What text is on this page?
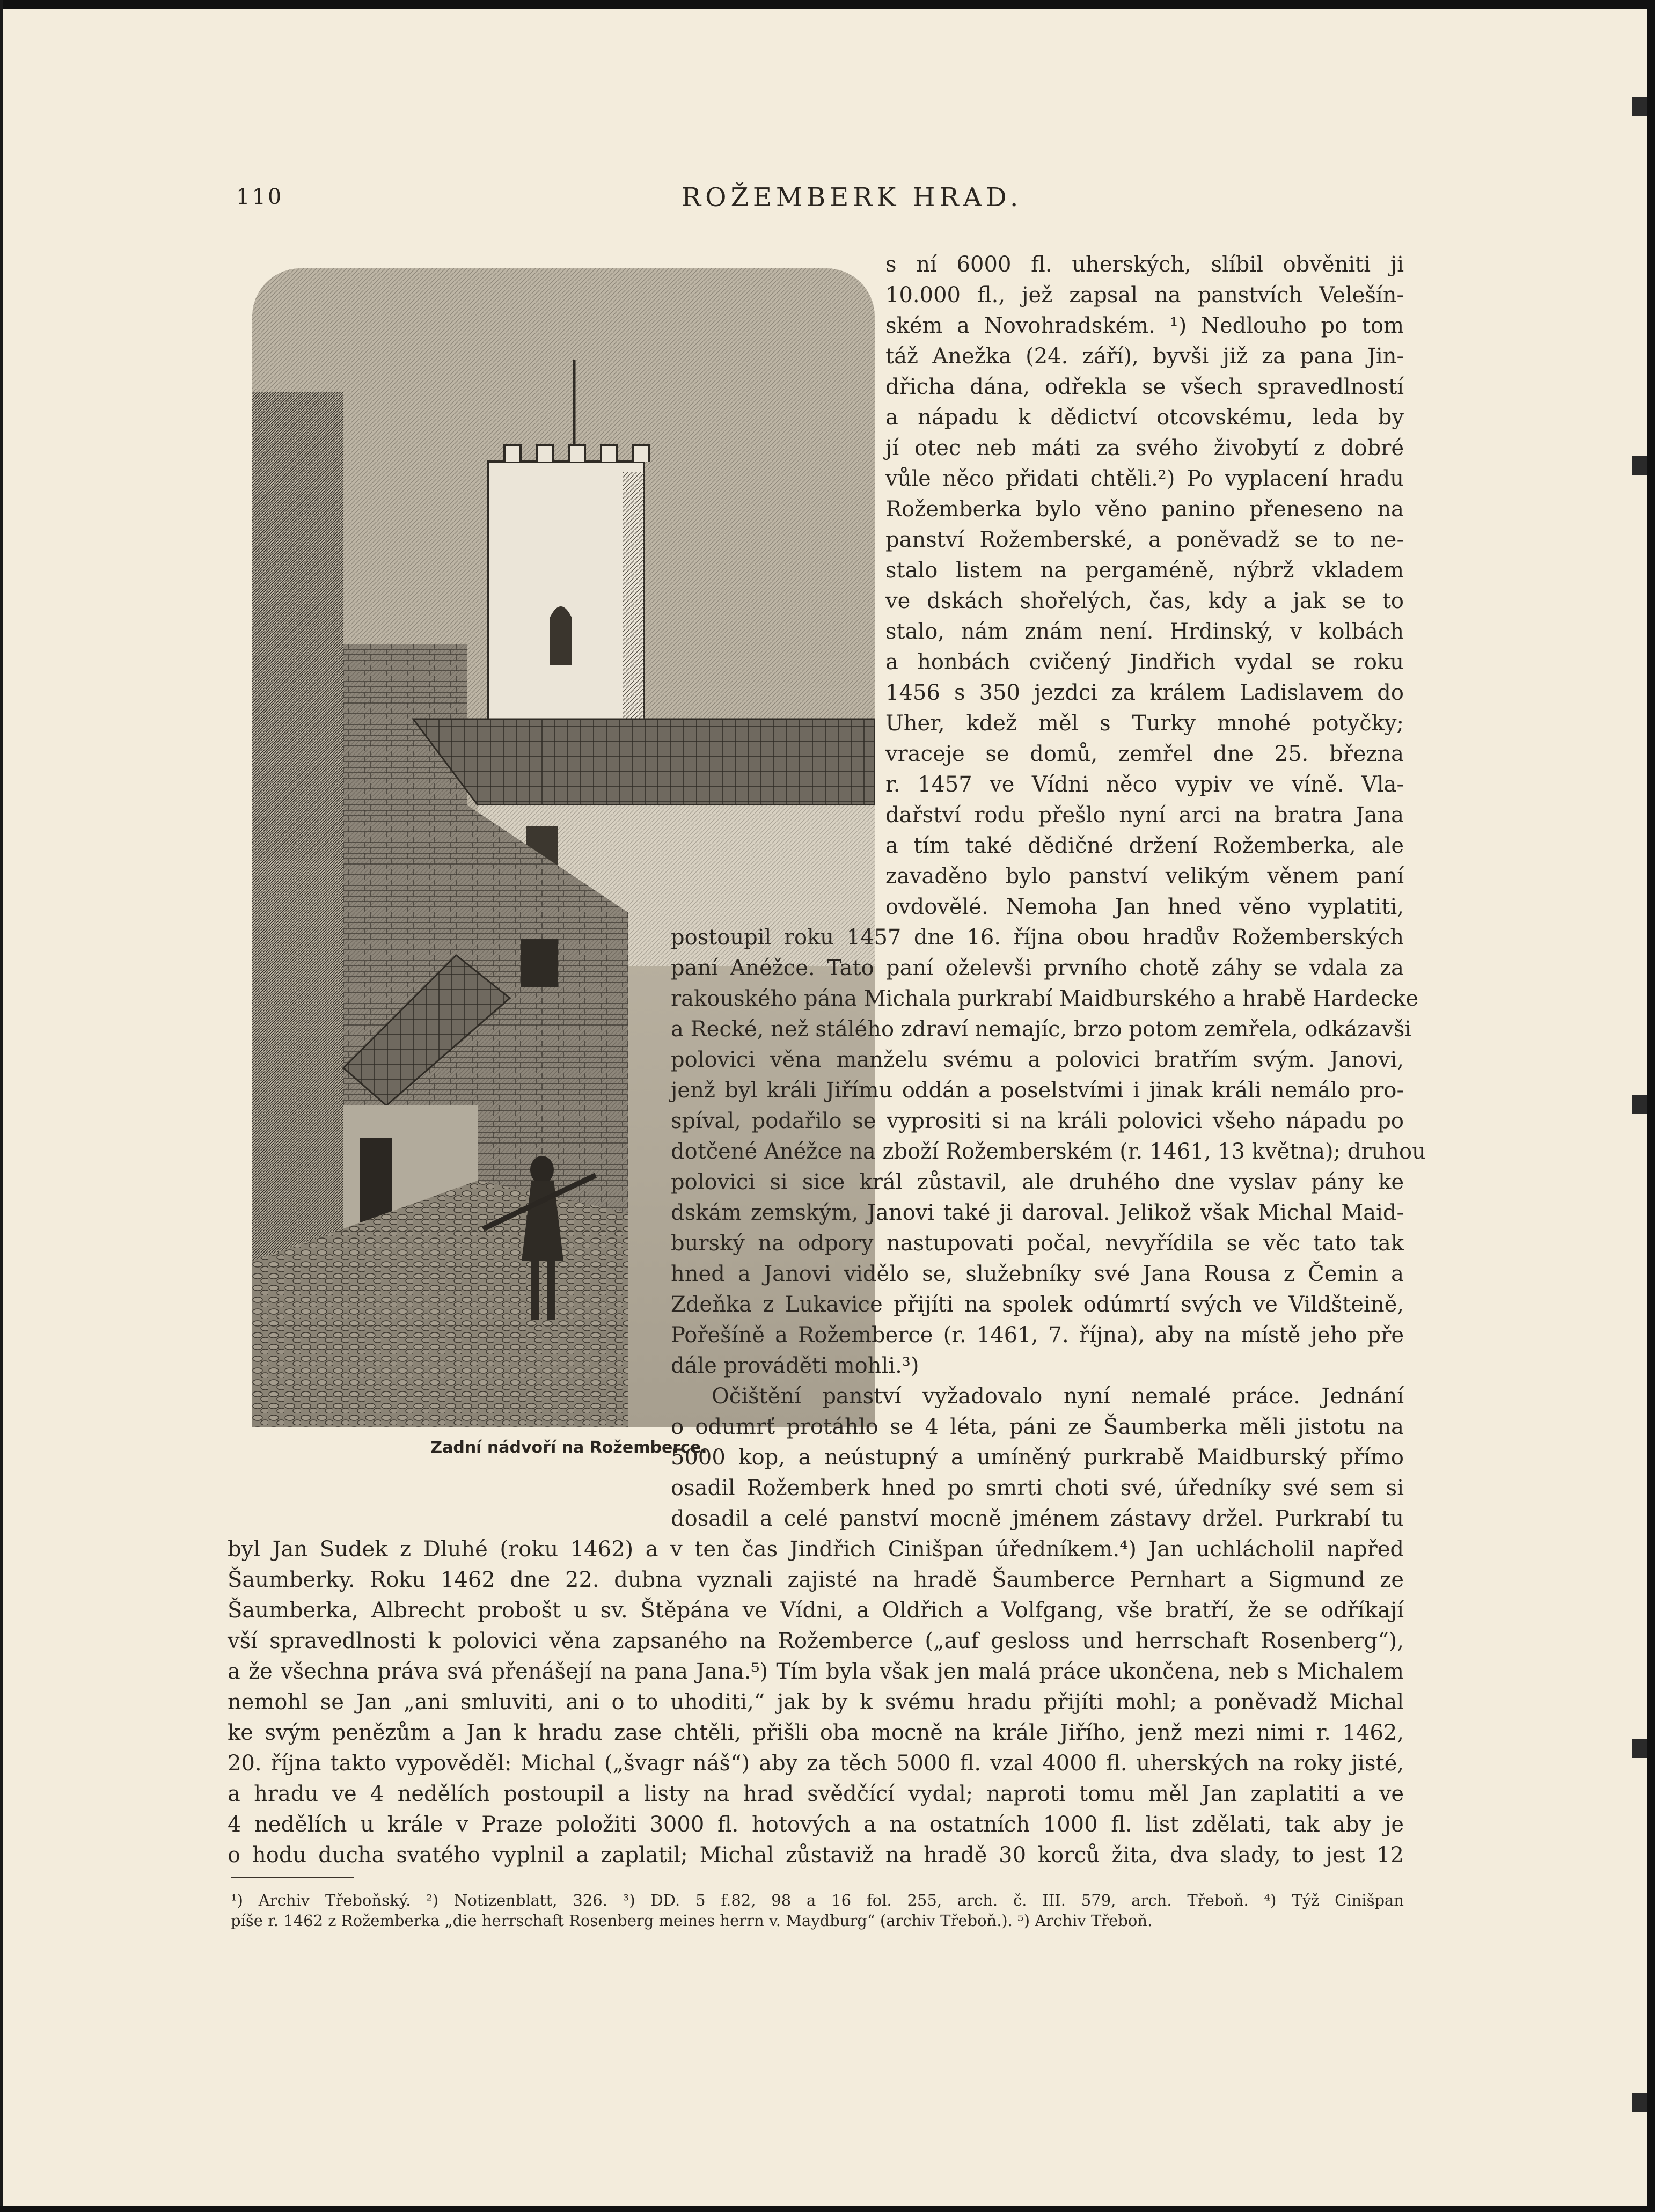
110	ROŽEMBERK HRAD.
Zadní nádvoří na Rožemberce.

s ní 6000 fl. uherských, slíbil obvěniti ji

10.000 fl., jež zapsal na panstvích Velešín-

ském a Novohradském. ¹) Nedlouho po tom

táž Anežka (24. září), byvši již za pana Jin-

dřicha dána, odřekla se všech spravedlností

a nápadu k dědictví otcovskému, leda by

jí otec neb máti za svého živobytí z dobré

vůle něco přidati chtěli.²) Po vyplacení hradu

Rožemberka bylo věno panino přeneseno na

panství Rožemberské, a poněvadž se to ne-

stalo listem na pergaméně, nýbrž vkladem

ve dskách shořelých, čas, kdy a jak se to

stalo, nám znám není. Hrdinský, v kolbách

a honbách cvičený Jindřich vydal se roku

1456 s 350 jezdci za králem Ladislavem do

Uher, kdež měl s Turky mnohé potyčky;

vraceje se domů, zemřel dne 25. března

r. 1457 ve Vídni něco vypiv ve víně. Vla-

dařství rodu přešlo nyní arci na bratra Jana

a tím také dědičné držení Rožemberka, ale

zavaděno bylo panství velikým věnem paní

ovdovělé. Nemoha Jan hned věno vyplatiti,

postoupil roku 1457 dne 16. října obou hradův Rožemberských

paní Anéžce. Tato paní oželevši prvního chotě záhy se vdala za

rakouského pána Michala purkrabí Maidburského a hrabě Hardecke

a Recké, než stálého zdraví nemajíc, brzo potom zemřela, odkázavši

polovici věna manželu svému a polovici bratřím svým. Janovi,

jenž byl králi Jiřímu oddán a poselstvími i jinak králi nemálo pro-

spíval, podařilo se vyprositi si na králi polovici všeho nápadu po

dotčené Anéžce na zboží Rožemberském (r. 1461, 13 května); druhou

polovici si sice král zůstavil, ale druhého dne vyslav pány ke

dskám zemským, Janovi také ji daroval. Jelikož však Michal Maid-

burský na odpory nastupovati počal, nevyřídila se věc tato tak

hned a Janovi vidělo se, služebníky své Jana Rousa z Čemin a

Zdeňka z Lukavice přijíti na spolek odúmrtí svých ve Vildšteině,

Pořešíně a Rožemberce (r. 1461, 7. října), aby na místě jeho pře

dále prováděti mohli.³)

Očištění panství vyžadovalo nyní nemalé práce. Jednání

o odumrť protáhlo se 4 léta, páni ze Šaumberka měli jistotu na

5000 kop, a neústupný a umíněný purkrabě Maidburský přímo

osadil Rožemberk hned po smrti choti své, úředníky své sem si

dosadil a celé panství mocně jménem zástavy držel. Purkrabí tu

byl Jan Sudek z Dluhé (roku 1462) a v ten čas Jindřich Cinišpan úředníkem.⁴) Jan uchlácholil napřed

Šaumberky. Roku 1462 dne 22. dubna vyznali zajisté na hradě Šaumberce Pernhart a Sigmund ze

Šaumberka, Albrecht probošt u sv. Štěpána ve Vídni, a Oldřich a Volfgang, vše bratří, že se odříkají

vší spravedlnosti k polovici věna zapsaného na Rožemberce („auf gesloss und herrschaft Rosenberg“),

a že všechna práva svá přenášejí na pana Jana.⁵) Tím byla však jen malá práce ukončena, neb s Michalem

nemohl se Jan „ani smluviti, ani o to uhoditi,“ jak by k svému hradu přijíti mohl; a poněvadž Michal

ke svým penězům a Jan k hradu zase chtěli, přišli oba mocně na krále Jiřího, jenž mezi nimi r. 1462,

20. října takto vypověděl: Michal („švagr náš“) aby za těch 5000 fl. vzal 4000 fl. uherských na roky jisté,

a hradu ve 4 nedělích postoupil a listy na hrad svědčící vydal; naproti tomu měl Jan zaplatiti a ve

4 nedělích u krále v Praze položiti 3000 fl. hotových a na ostatních 1000 fl. list zdělati, tak aby je

o hodu ducha svatého vyplnil a zaplatil; Michal zůstaviž na hradě 30 korců žita, dva slady, to jest 12

¹) Archiv Třeboňský. ²) Notizenblatt, 326. ³) DD. 5 f.82, 98 a 16 fol. 255, arch. č. III. 579, arch. Třeboň. ⁴) Týž Cinišpan
píše r. 1462 z Rožemberka „die herrschaft Rosenberg meines herrn v. Maydburg“ (archiv Třeboň.). ⁵) Archiv Třeboň.
